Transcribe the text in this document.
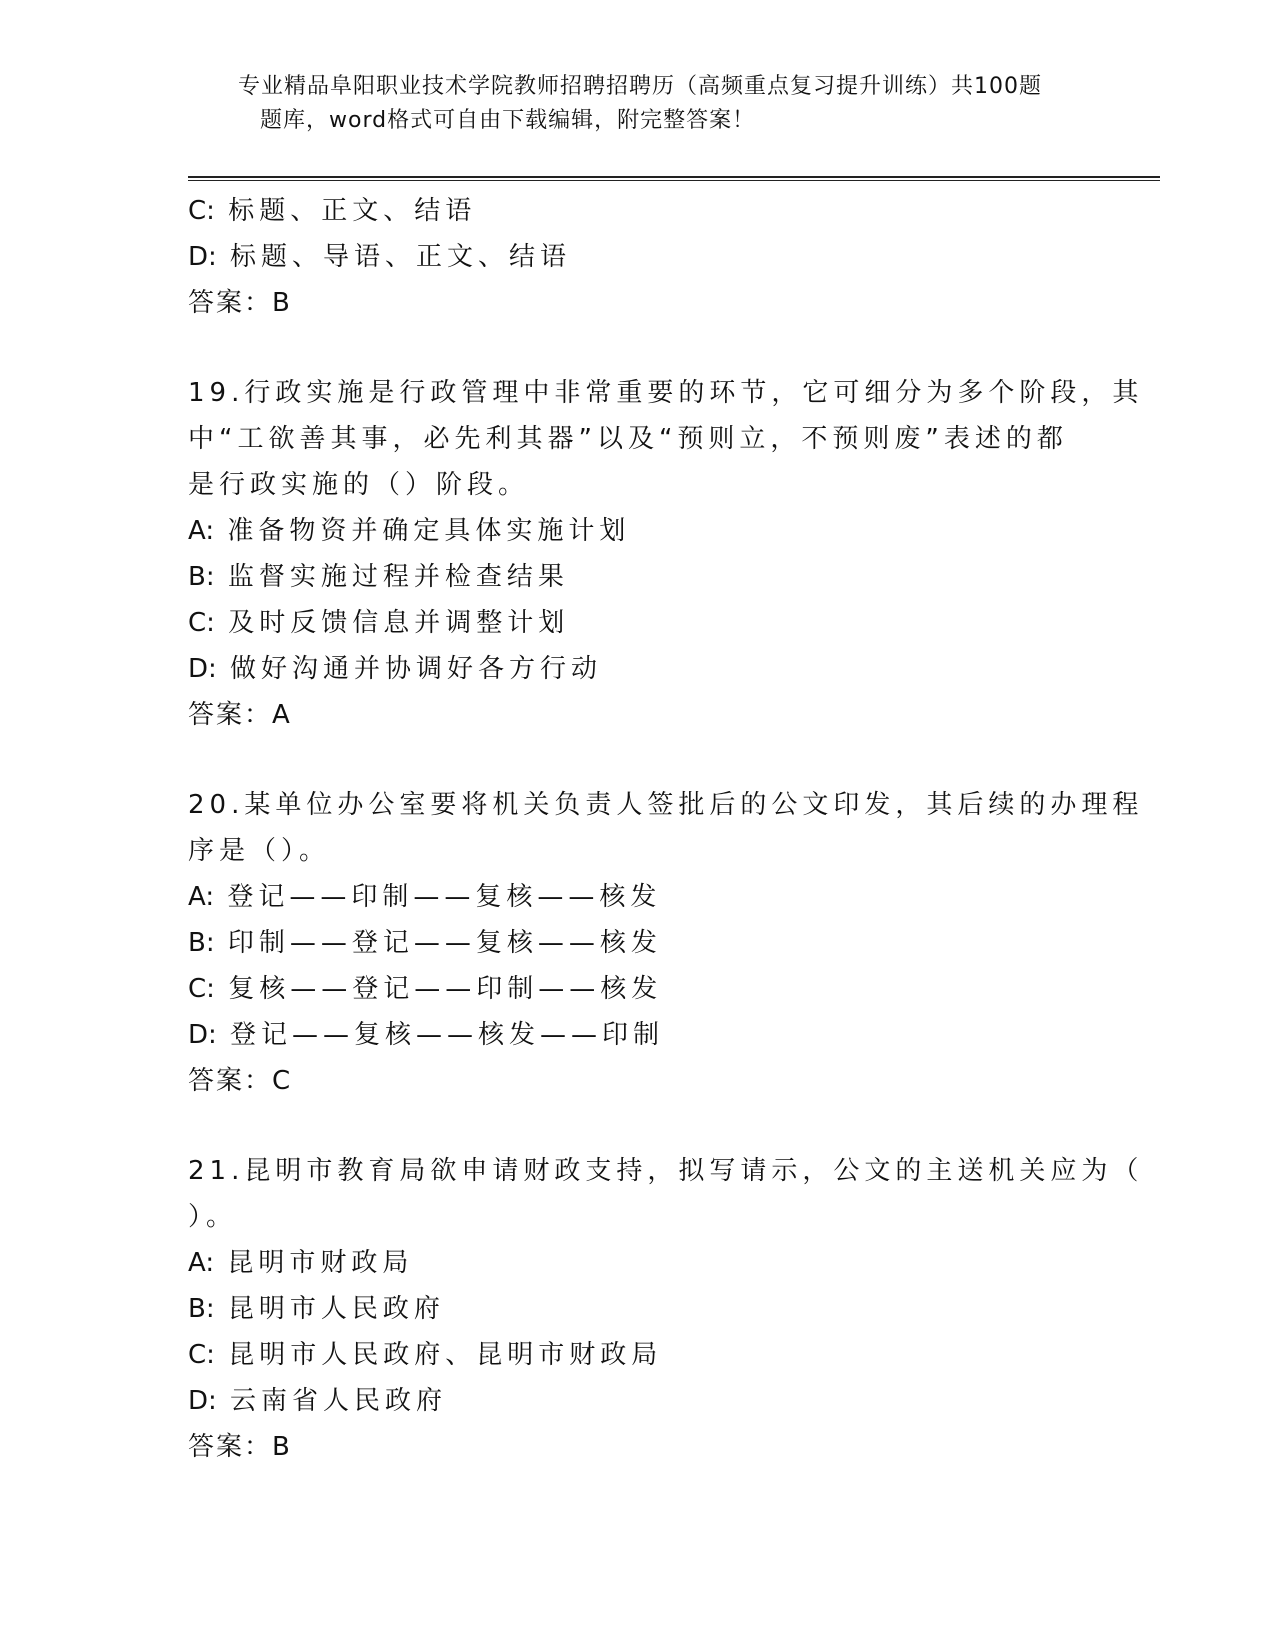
专业精品阜阳职业技术学院教师招聘招聘历（高频重点复习提升训练）共100题
题库，word格式可自由下载编辑，附完整答案！
C: 标题、正文、结语
D: 标题、导语、正文、结语
答案：B
19.行政实施是行政管理中非常重要的环节，它可细分为多个阶段，其
中“工欲善其事，必先利其器”以及“预则立，不预则废”表述的都
是行政实施的（）阶段。
A: 准备物资并确定具体实施计划
B: 监督实施过程并检查结果
C: 及时反馈信息并调整计划
D: 做好沟通并协调好各方行动
答案：A
20.某单位办公室要将机关负责人签批后的公文印发，其后续的办理程
序是（）。
A: 登记——印制——复核——核发
B: 印制——登记——复核——核发
C: 复核——登记——印制——核发
D: 登记——复核——核发——印制
答案：C
21.昆明市教育局欲申请财政支持，拟写请示，公文的主送机关应为（
）。
A: 昆明市财政局
B: 昆明市人民政府
C: 昆明市人民政府、昆明市财政局
D: 云南省人民政府
答案：B
